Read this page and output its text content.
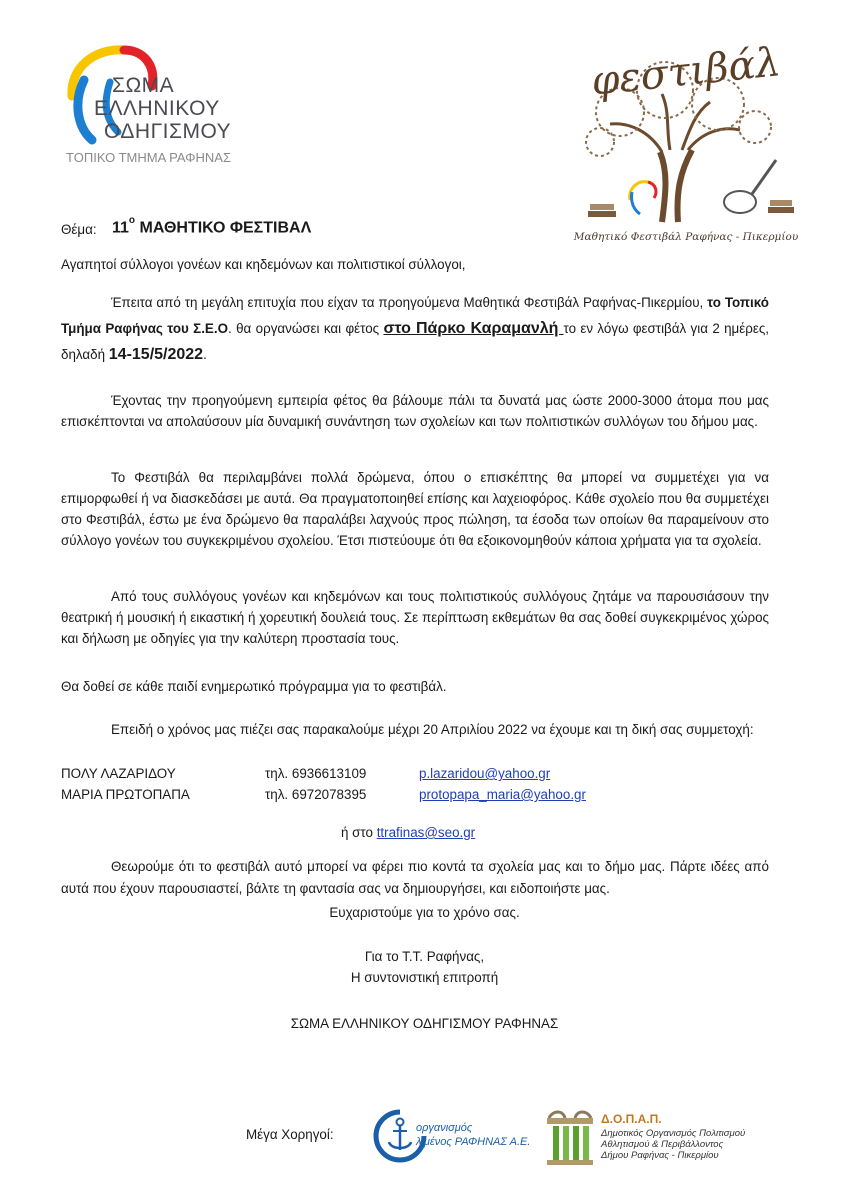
ΣΩΜΑ
ΕΛΛΗΝΙΚΟΥ
ΟΔΗΓΙΣΜΟΥ
ΤΟΠΙΚΟ ΤΜΗΜΑ ΡΑΦΗΝΑΣ
φεστιβάλ
Μαθητικό Φεστιβάλ Ραφήνας - Πικερμίου
Θέμα: $11^o$ ΜΑΘΗΤΙΚΟ ΦΕΣΤΙΒΑΛ
Αγαπητοί σύλλογοι γονέων και κηδεμόνων και πολιτιστικοί σύλλογοι,
Έπειτα από τη μεγάλη επιτυχία που είχαν τα προηγούμενα Μαθητικά Φεστιβάλ Ραφήνας-Πικερμίου, το Τοπικό Τμήμα Ραφήνας του Σ.Ε.Ο. θα οργανώσει και φέτος στο Πάρκο Καραμανλή το εν λόγω φεστιβάλ για 2 ημέρες, δηλαδή 14-15/5/2022.
Έχοντας την προηγούμενη εμπειρία φέτος θα βάλουμε πάλι τα δυνατά μας ώστε 2000-3000 άτομα που μας επισκέπτονται να απολαύσουν μία δυναμική συνάντηση των σχολείων και των πολιτιστικών συλλόγων του δήμου μας.
Το Φεστιβάλ θα περιλαμβάνει πολλά δρώμενα, όπου ο επισκέπτης θα μπορεί να συμμετέχει για να επιμορφωθεί ή να διασκεδάσει με αυτά. Θα πραγματοποιηθεί επίσης και λαχειοφόρος. Κάθε σχολείο που θα συμμετέχει στο Φεστιβάλ, έστω με ένα δρώμενο θα παραλάβει λαχνούς προς πώληση, τα έσοδα των οποίων θα παραμείνουν στο σύλλογο γονέων του συγκεκριμένου σχολείου. Έτσι πιστεύουμε ότι θα εξοικονομηθούν κάποια χρήματα για τα σχολεία.
Από τους συλλόγους γονέων και κηδεμόνων και τους πολιτιστικούς συλλόγους ζητάμε να παρουσιάσουν την θεατρική ή μουσική ή εικαστική ή χορευτική δουλειά τους. Σε περίπτωση εκθεμάτων θα σας δοθεί συγκεκριμένος χώρος και δήλωση με οδηγίες για την καλύτερη προστασία τους.
Θα δοθεί σε κάθε παιδί ενημερωτικό πρόγραμμα για το φεστιβάλ.
Επειδή ο χρόνος μας πιέζει σας παρακαλούμε μέχρι 20 Απριλίου 2022 να έχουμε και τη δική σας συμμετοχή:
ΠΟΛΥ ΛΑΖΑΡΙΔΟΥ	τηλ. 6936613109	p.lazaridou@yahoo.gr
ΜΑΡΙΑ ΠΡΩΤΟΠΑΠΑ	τηλ. 6972078395	protopapa_maria@yahoo.gr
ή στο ttrafinas@seo.gr
Θεωρούμε ότι το φεστιβάλ αυτό μπορεί να φέρει πιο κοντά τα σχολεία μας και το δήμο μας. Πάρτε ιδέες από αυτά που έχουν παρουσιαστεί, βάλτε τη φαντασία σας να δημιουργήσει, και ειδοποιήστε μας.
Ευχαριστούμε για το χρόνο σας.
Για το Τ.Τ. Ραφήνας,
Η συντονιστική επιτροπή
ΣΩΜΑ ΕΛΛΗΝΙΚΟΥ ΟΔΗΓΙΣΜΟΥ ΡΑΦΗΝΑΣ
Μέγα Χορηγοί:	οργανισμός
λιμένος ΡΑΦΗΝΑΣ Α.Ε.
Δ.Ο.Π.Α.Π.
Δημοτικός Οργανισμός Πολιτισμού
Αθλητισμού & Περιβάλλοντος
Δήμου Ραφήνας - Πικερμίου
